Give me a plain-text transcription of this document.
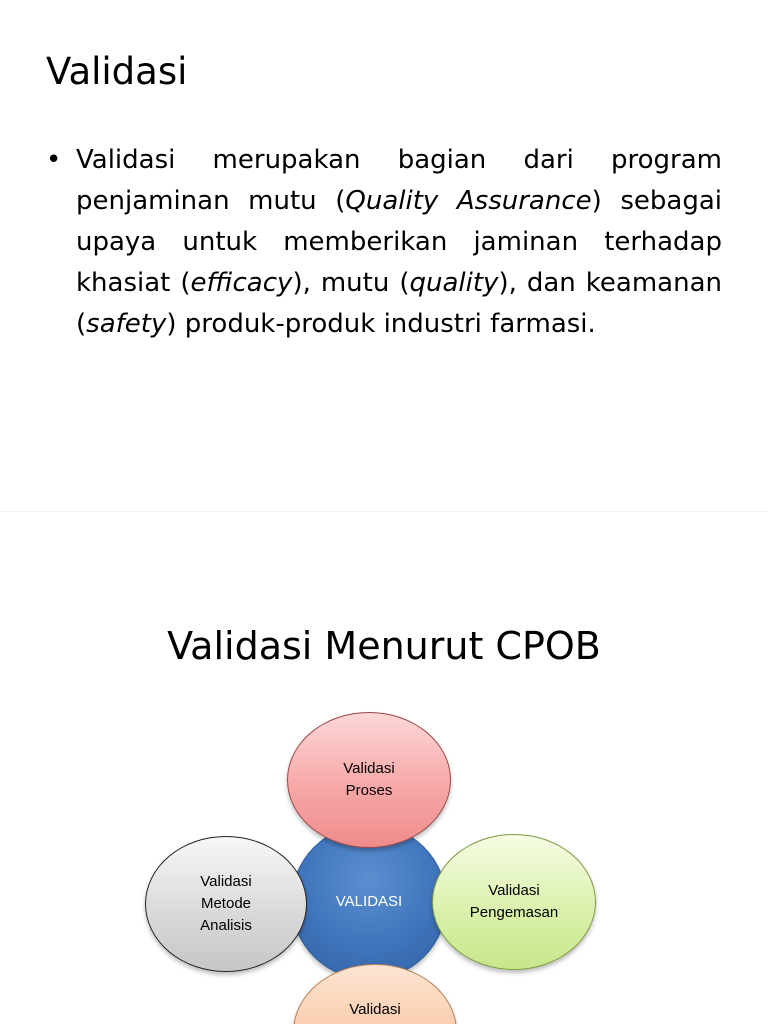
Validasi
• Validasi merupakan bagian dari program penjaminan mutu (Quality Assurance) sebagai upaya untuk memberikan jaminan terhadap khasiat (efficacy), mutu (quality), dan keamanan (safety) produk-produk industri farmasi.
Validasi Menurut CPOB
VALIDASI
Validasi
Proses
Validasi
Metode
Analisis
Validasi
Pengemasan
Validasi
